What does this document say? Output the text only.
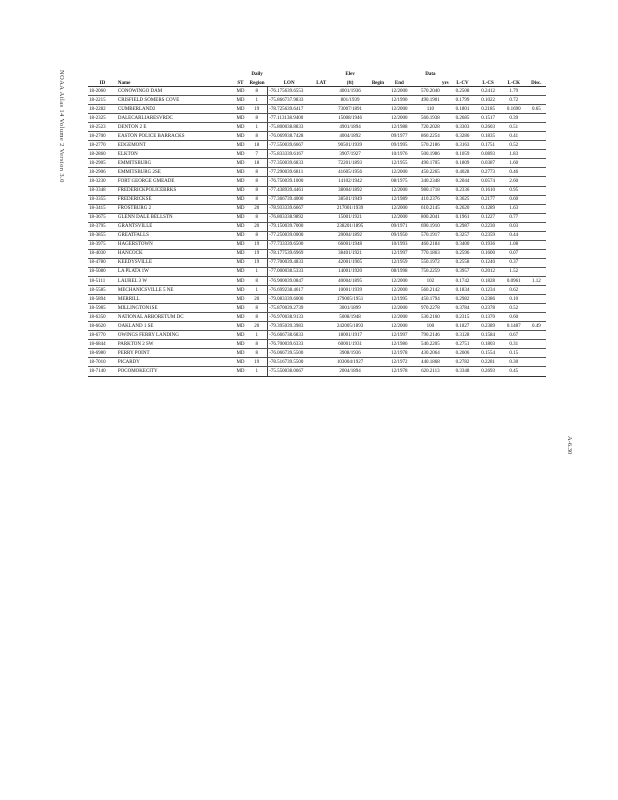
NOAA Atlas 14 Volume 2 Version 3.0
A-6.30
			Daily			Elev			Data				
ID	Name	ST	Region	LON	LAT	(ft)	Begin	End	yrs	L-CV	L-CS	L-CK	Disc.
18-2060	CONOWINGO DAM	MD	8	-76.175639.6553		4001/1936		12/2000	570.2040	0.2508	0.2412	1.79	
18-2215	CRISFIELD SOMERS COVE	MD	1	-75.866737.9833		801/1939		12/1990	490.1901	0.1799	0.1022	0.72	
18-2282	CUMBERLAND2	MD	19	-78.725639.6417		73007/1891		12/2000	110	0.1801	0.2185	0.1690	0.65
18-2325	DALECARLIARESVRDC	MD	8	-77.113138.9400		15008/1946		12/2000	560.1938	0.2685	0.1517	0.39	
18-2523	DENTON 2 E	MD	1	-75.800038.8833		4901/1894		12/1988	720.2028	0.3303	0.2603	0.51	
18-2700	EASTON POLICE BARRACKS	MD	8	-76.069938.7428		4004/1892		09/1977	860.2254	0.3286	0.1835	0.41	
18-2770	EDGEMONT	MD	18	-77.550039.6667		90501/1939		09/1995	570.2186	0.3163	0.1751	0.52	
18-2860	ELKTON	MD	7	-75.833339.6167		3907/1927		10/1976	500.1986	0.1059	0.0893	1.83	
18-2905	EMMITSBURG	MD	18	-77.350039.6833		72201/1893		12/1955	490.1705	0.1809	0.0387	1.60	
18-2906	EMMITSBURG 2SE	MD	8	-77.290039.6811		41605/1956		12/2000	450.2265	0.4028	0.2773	0.46	
18-3230	FORT GEORGE GMEADE	MD	8	-76.750039.1000		14102/1942		08/1975	340.2348	0.2044	0.0574	2.60	
18-3348	FREDERICKPOLICEBRKS	MD	8	-77.438939.4461		38004/1892		12/2000	980.1718	0.2336	0.1610	0.95	
18-3355	FREDERICKSE	MD	8	-77.366739.4000		38501/1949		12/1989	410.2376	0.3625	0.2177	0.60	
18-3415	FROSTBURG 2	MD	20	-78.933339.6667		217001/1939		12/2000	610.2145	0.2620	0.1289	1.63	
18-3675	GLENN DALE BELLSTN	MD	8	-76.803338.9892		15001/1921		12/2000	800.2041	0.1961	0.1227	0.77	
18-3795	GRANTSVILLE	MD	20	-79.150039.7000		238201/1895		09/1971	690.1910	0.2987	0.2230	0.03	
18-3855	GREATFALLS	MD	8	-77.250039.0000		20004/1892		09/1950	570.1917	0.3257	0.2359	0.44	
18-3975	HAGERSTOWN	MD	19	-77.733339.6500		66001/1948		10/1993	460.2184	0.3400	0.1936	1.08	
18-4030	HANCOCK	MD	19	-78.177539.6969		38401/1921		12/1997	770.1863	0.2596	0.1600	0.07	
18-4780	KEEDYSVILLE	MD	19	-77.700039.4833		42001/1905		12/1959	550.1972	0.2558	0.1240	0.37	
18-5080	LA PLATA 1W	MD	1	-77.000038.5333		14001/1920		08/1998	750.2259	0.3957	0.2012	1.52	
18-5111	LAUREL 3 W	MD	8	-76.900039.0847		40004/1895		12/2000	102	0.1742	0.1828	0.0961	1.12
18-5585	MECHANICSVILLE 5 NE	MD	1	-76.699238.4617		10001/1939		12/2000	560.2142	0.1834	0.1234	0.62	
18-5894	MERRILL	MD	20	-79.083339.6000		179005/1951		12/1995	450.1794	0.2982	0.2386	0.10	
18-5985	MILLINGTON1SE	MD	8	-75.870039.2739		3001/1899		12/2000	970.2278	0.3784	0.2378	0.52	
18-6350	NATIONAL ARBORETUM DC	MD	8	-76.970038.9133		5008/1948		12/2000	530.2160	0.2315	0.1370	0.60	
18-6620	OAKLAND 1 SE	MD	20	-79.395039.3983		242005/1893		12/2000	100	0.1827	0.2389	0.1487	0.49
18-6770	OWINGS FERRY LANDING	MD	1	-76.666738.6833		18001/1917		12/1997	790.2146	0.3128	0.1584	0.67	
18-6844	PARKTON 2 SW	MD	8	-76.700039.6333		60001/1931		12/1986	540.2205	0.2751	0.1803	0.31	
18-6980	PERRY POINT	MD	8	-76.066739.5500		3908/1936		12/1978	430.2064	0.2606	0.1554	0.15	
18-7010	PICARDY	MD	19	-78.516739.5500		103004/1927		12/1972	440.1868	0.2782	0.2281	0.30	
18-7140	POCOMOKECITY	MD	1	-75.550038.0667		2004/1894		12/1978	620.2113	0.3348	0.2693	0.45	
